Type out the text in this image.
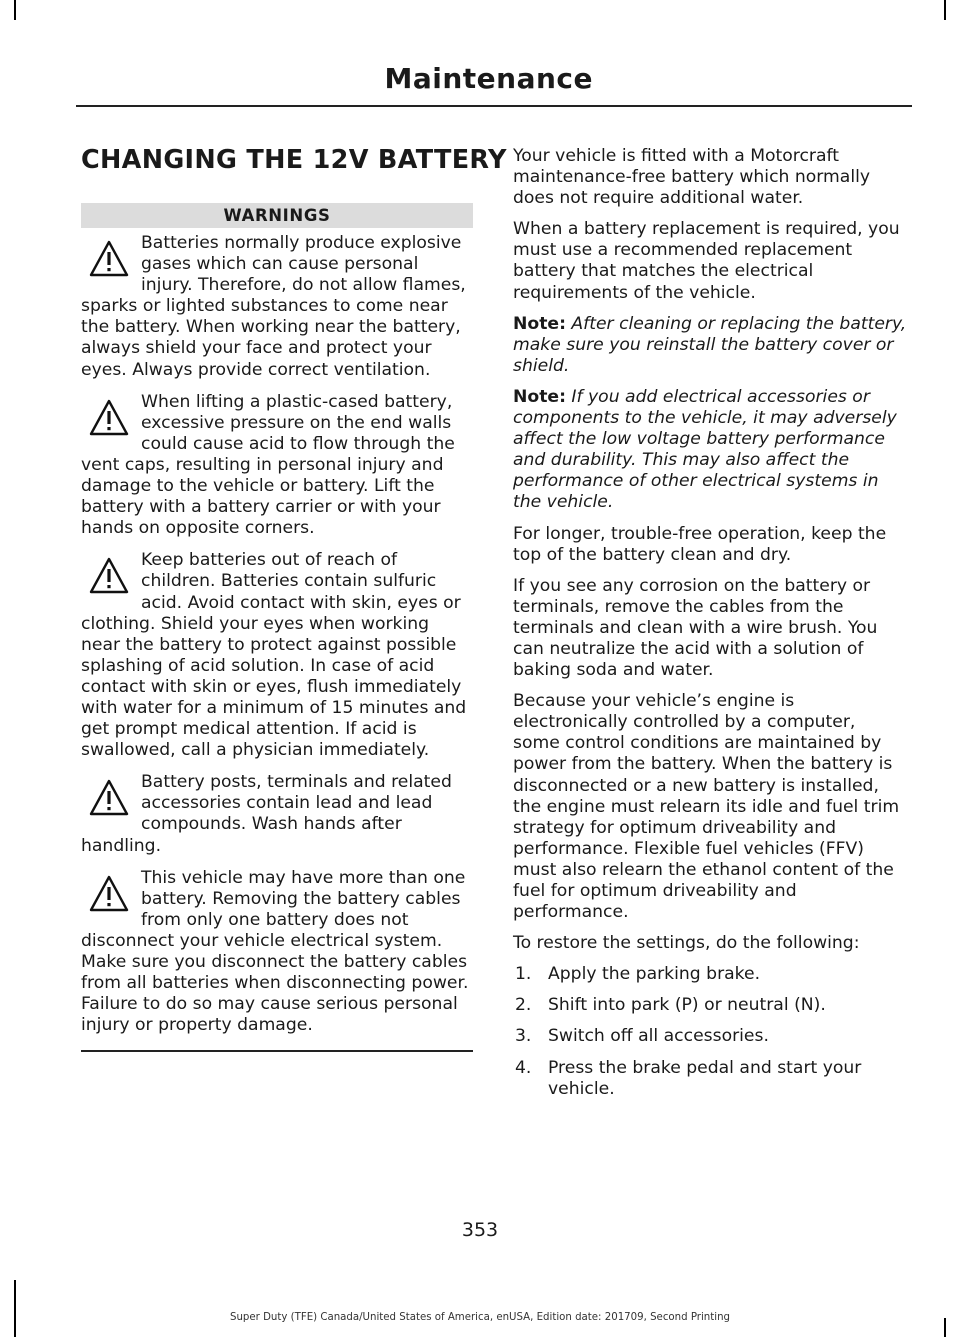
Maintenance
CHANGING THE 12V BATTERY
WARNINGS
Batteries normally produce explosive gases which can cause personal injury. Therefore, do not allow flames, sparks or lighted substances to come near the battery. When working near the battery, always shield your face and protect your eyes. Always provide correct ventilation.
When lifting a plastic-cased battery, excessive pressure on the end walls could cause acid to flow through the vent caps, resulting in personal injury and damage to the vehicle or battery. Lift the battery with a battery carrier or with your hands on opposite corners.
Keep batteries out of reach of children. Batteries contain sulfuric acid. Avoid contact with skin, eyes or clothing. Shield your eyes when working near the battery to protect against possible splashing of acid solution. In case of acid contact with skin or eyes, flush immediately with water for a minimum of 15 minutes and get prompt medical attention. If acid is swallowed, call a physician immediately.
Battery posts, terminals and related accessories contain lead and lead compounds. Wash hands after handling.
This vehicle may have more than one battery. Removing the battery cables from only one battery does not disconnect your vehicle electrical system. Make sure you disconnect the battery cables from all batteries when disconnecting power. Failure to do so may cause serious personal injury or property damage.

Your vehicle is fitted with a Motorcraft maintenance-free battery which normally does not require additional water.

When a battery replacement is required, you must use a recommended replacement battery that matches the electrical requirements of the vehicle.

Note: After cleaning or replacing the battery, make sure you reinstall the battery cover or shield.

Note: If you add electrical accessories or components to the vehicle, it may adversely affect the low voltage battery performance and durability. This may also affect the performance of other electrical systems in the vehicle.

For longer, trouble-free operation, keep the top of the battery clean and dry.

If you see any corrosion on the battery or terminals, remove the cables from the terminals and clean with a wire brush. You can neutralize the acid with a solution of baking soda and water.

Because your vehicle’s engine is electronically controlled by a computer, some control conditions are maintained by power from the battery. When the battery is disconnected or a new battery is installed, the engine must relearn its idle and fuel trim strategy for optimum driveability and performance. Flexible fuel vehicles (FFV) must also relearn the ethanol content of the fuel for optimum driveability and performance.

To restore the settings, do the following:

1. Apply the parking brake.
2. Shift into park (P) or neutral (N).
3. Switch off all accessories.
4. Press the brake pedal and start your vehicle.
353
Super Duty (TFE) Canada/United States of America, enUSA, Edition date: 201709, Second Printing
